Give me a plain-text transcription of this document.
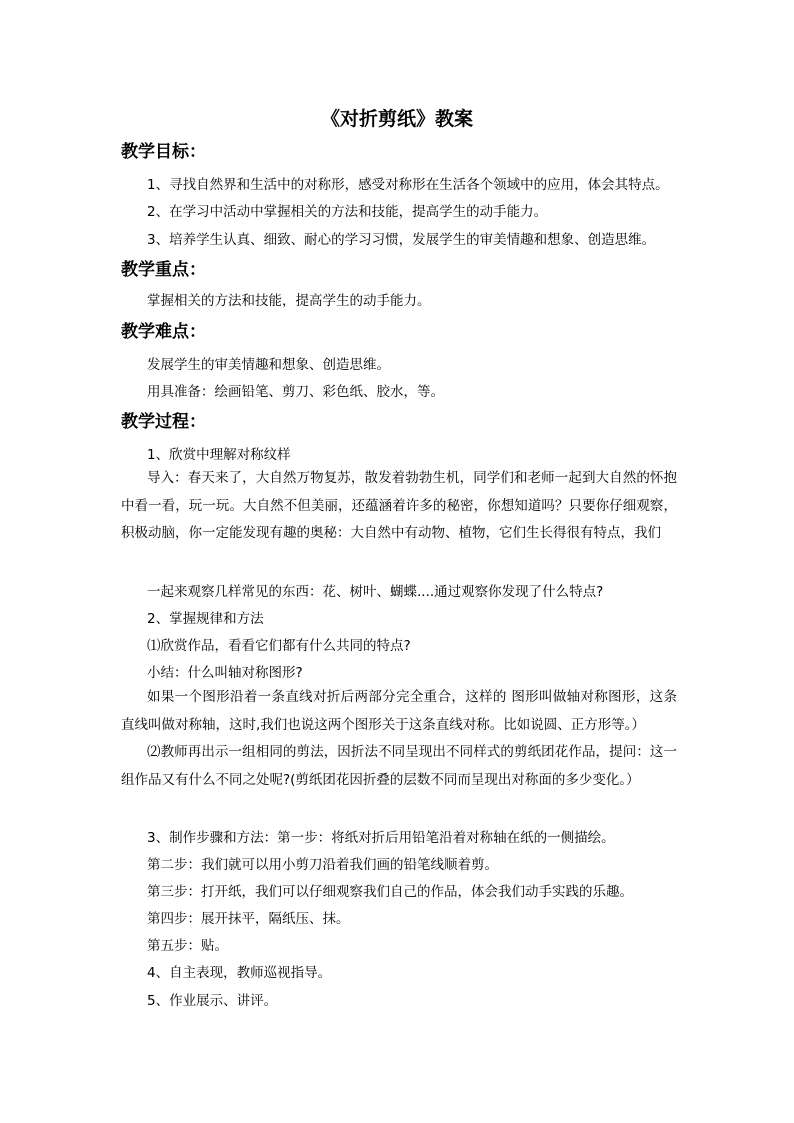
《对折剪纸》教案
教学目标：
1、寻找自然界和生活中的对称形，感受对称形在生活各个领域中的应用，体会其特点。
2、在学习中活动中掌握相关的方法和技能，提高学生的动手能力。
3、培养学生认真、细致、耐心的学习习惯，发展学生的审美情趣和想象、创造思维。
教学重点：
掌握相关的方法和技能，提高学生的动手能力。
教学难点：
发展学生的审美情趣和想象、创造思维。
用具准备：绘画铅笔、剪刀、彩色纸、胶水，等。
教学过程：
1、欣赏中理解对称纹样
导入：春天来了，大自然万物复苏，散发着勃勃生机，同学们和老师一起到大自然的怀抱中看一看，玩一玩。大自然不但美丽，还蕴涵着许多的秘密，你想知道吗？只要你仔细观察，积极动脑，你一定能发现有趣的奥秘：大自然中有动物、植物，它们生长得很有特点，我们
一起来观察几样常见的东西：花、树叶、蝴蝶....通过观察你发现了什么特点?
2、掌握规律和方法
⑴欣赏作品，看看它们都有什么共同的特点?
小结：什么叫轴对称图形?
如果一个图形沿着一条直线对折后两部分完全重合，这样的 图形叫做轴对称图形，这条直线叫做对称轴，这时,我们也说这两个图形关于这条直线对称。比如说圆、正方形等。）
⑵教师再出示一组相同的剪法，因折法不同呈现出不同样式的剪纸团花作品，提问：这一组作品又有什么不同之处呢?(剪纸团花因折叠的层数不同而呈现出对称面的多少变化。）
3、制作步骤和方法：第一步：将纸对折后用铅笔沿着对称轴在纸的一侧描绘。
第二步：我们就可以用小剪刀沿着我们画的铅笔线顺着剪。
第三步：打开纸，我们可以仔细观察我们自己的作品，体会我们动手实践的乐趣。
第四步：展开抹平，隔纸压、抹。
第五步：贴。
4、自主表现，教师巡视指导。
5、作业展示、讲评。
